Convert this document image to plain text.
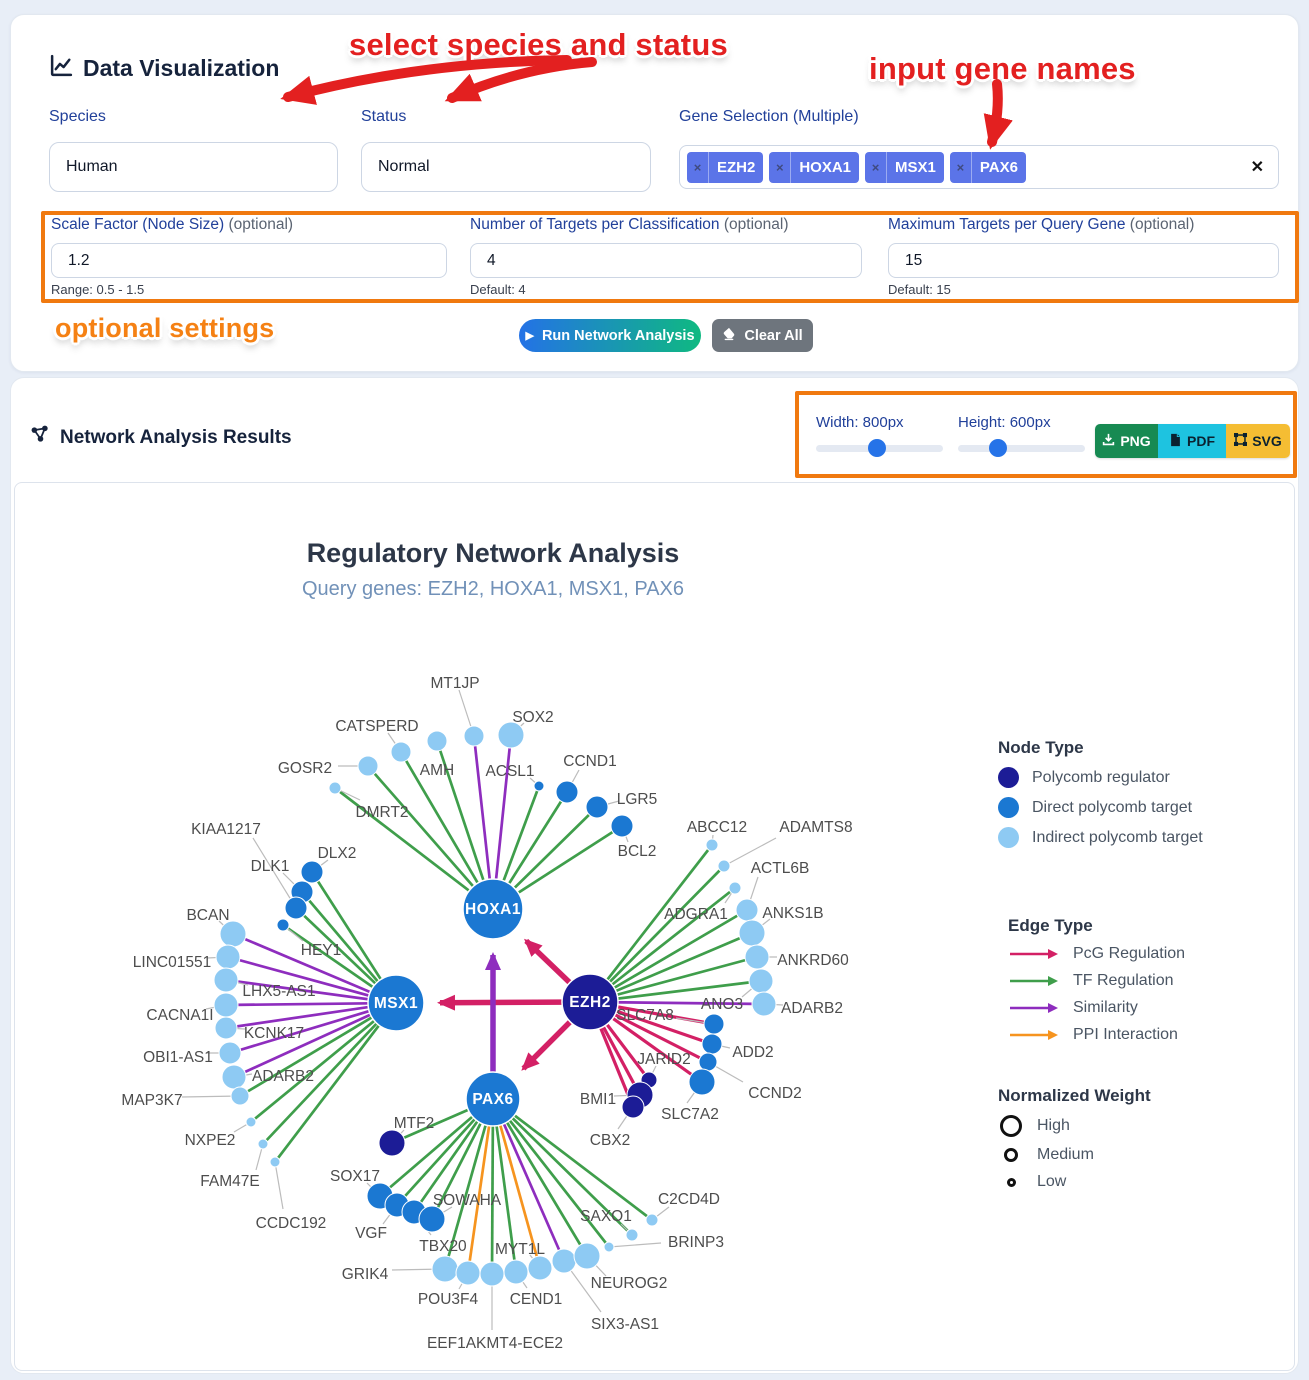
Data Visualization
Species
Human
Status
Normal
Gene Selection (Multiple)
×	EZH2	×	HOXA1	×	MSX1	×	PAX6	✕
Scale Factor (Node Size) (optional)
1.2
Range: 0.5 - 1.5
Number of Targets per Classification (optional)
4
Default: 4
Maximum Targets per Query Gene (optional)
15
Default: 15
▶ Run Network Analysis	Clear All
select species and status
input gene names
optional settings
Network Analysis Results
Width: 800px	Height: 600px
PNG	PDF	SVG
Regulatory Network Analysis
Query genes: EZH2, HOXA1, MSX1, PAX6
MT1JP
SOX2
CATSPERD
AMH
GOSR2
DMRT2
ACSL1
CCND1
LGR5
BCL2
DLX2
DLK1
KIAA1217
HEY1
BCAN
LINC01551
LHX5-AS1
CACNA1I
KCNK17
OBI1-AS1
ADARB2
MAP3K7
NXPE2
FAM47E
CCDC192
ABCC12 ADAMTS8
ADGRA1
ACTL6B
ANKS1B
ANKRD60
ANO3 ADARB2
SLC7A8
ADD2
CCND2
SLC7A2
JARID2
BMI1
CBX2
MTF2
SOX17
VGF
TBX20
SOWAHA
GRIK4
POU3F4
EEF1AKMT4-ECE2
CEND1
MYT1L
SIX3-AS1
NEUROG2
BRINP3
SAXO1
C2CD4D
HOXA1
MSX1	EZH2
PAX6
Node Type
Polycomb regulator
Direct polycomb target
Indirect polycomb target
Edge Type
PcG Regulation
TF Regulation
Similarity
PPI Interaction
Normalized Weight
High
Medium
Low
